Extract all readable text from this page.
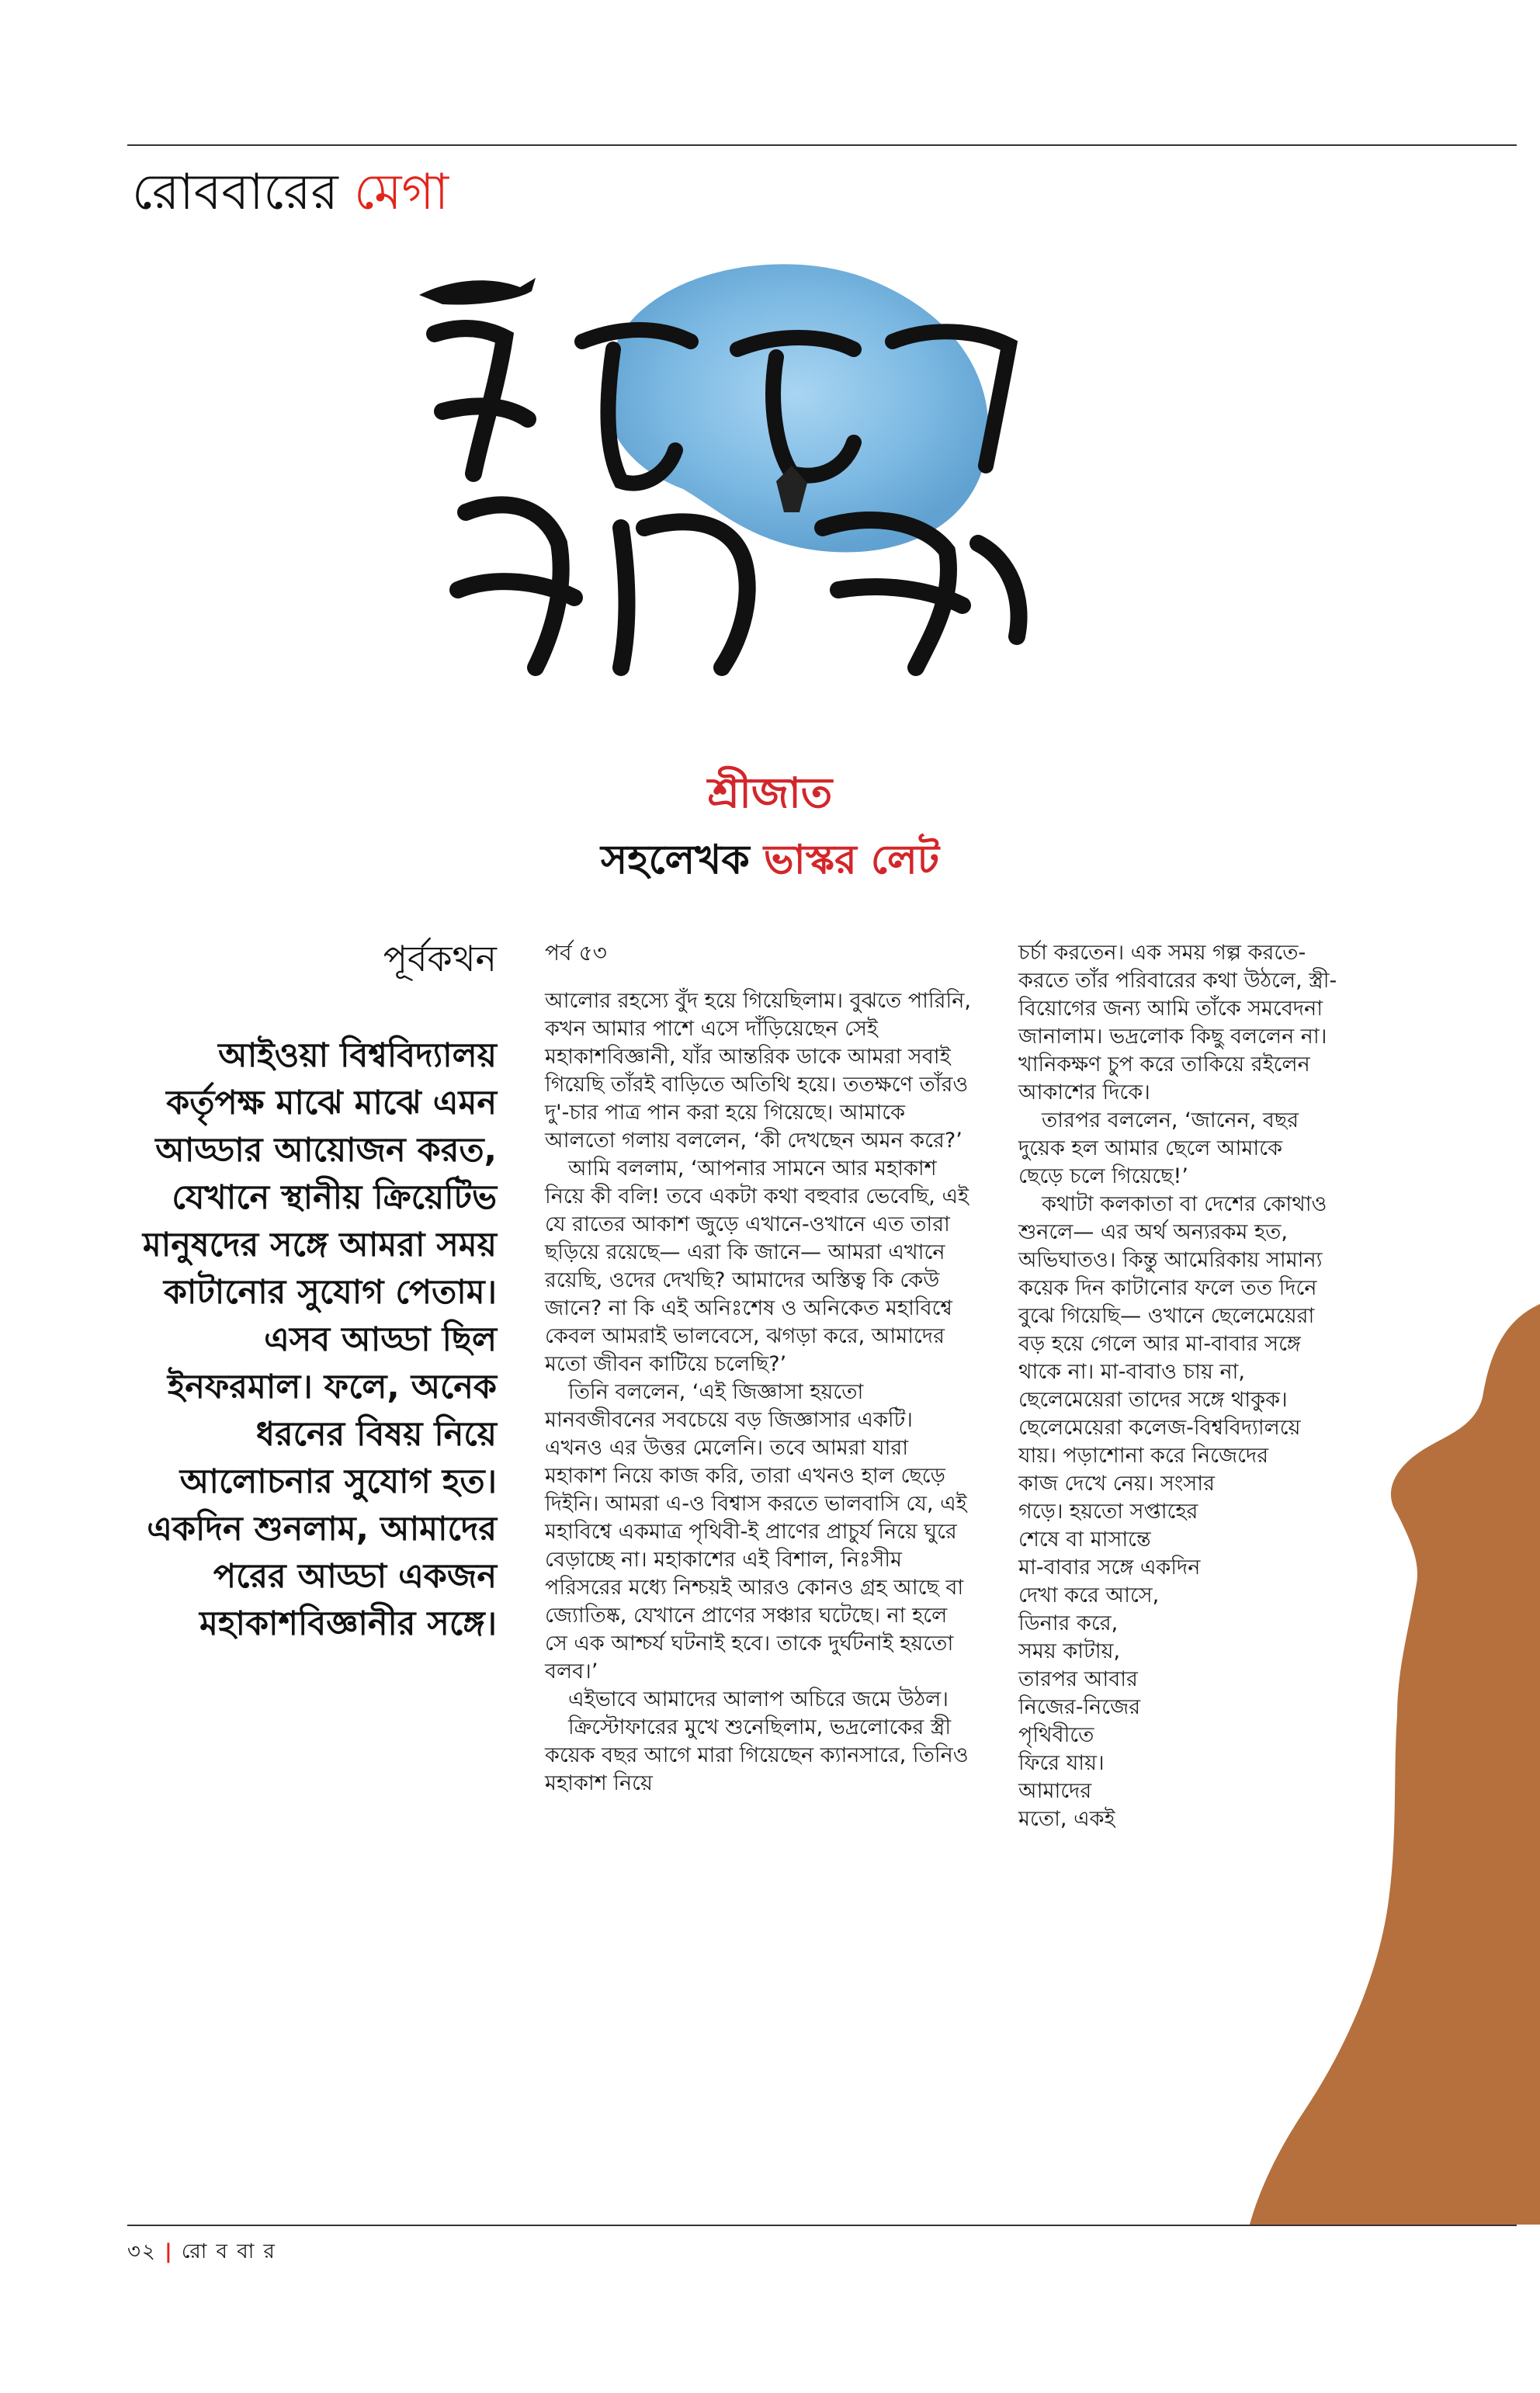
রোববারের মেগা
শ্রীজাত
সহলেখক ভাস্কর লেট
পূর্বকথন
আইওয়া বিশ্ববিদ্যালয় কর্তৃপক্ষ মাঝে মাঝে এমন আড্ডার আয়োজন করত, যেখানে স্থানীয় ক্রিয়েটিভ মানুষদের সঙ্গে আমরা সময় কাটানোর সুযোগ পেতাম। এসব আড্ডা ছিল ইনফরমাল। ফলে, অনেক ধরনের বিষয় নিয়ে আলোচনার সুযোগ হত। একদিন শুনলাম, আমাদের পরের আড্ডা একজন মহাকাশবিজ্ঞানীর সঙ্গে।
পর্ব ৫৩

আলোর রহস্যে বুঁদ হয়ে গিয়েছিলাম। বুঝতে পারিনি, কখন আমার পাশে এসে দাঁড়িয়েছেন সেই মহাকাশবিজ্ঞানী, যাঁর আন্তরিক ডাকে আমরা সবাই গিয়েছি তাঁরই বাড়িতে অতিথি হয়ে। ততক্ষণে তাঁরও দু'-চার পাত্র পান করা হয়ে গিয়েছে। আমাকে আলতো গলায় বললেন, ‘কী দেখছেন অমন করে?’

আমি বললাম, ‘আপনার সামনে আর মহাকাশ নিয়ে কী বলি! তবে একটা কথা বহুবার ভেবেছি, এই যে রাতের আকাশ জুড়ে এখানে-ওখানে এত তারা ছড়িয়ে রয়েছে— এরা কি জানে— আমরা এখানে রয়েছি, ওদের দেখছি? আমাদের অস্তিত্ব কি কেউ জানে? না কি এই অনিঃশেষ ও অনিকেত মহাবিশ্বে কেবল আমরাই ভালবেসে, ঝগড়া করে, আমাদের মতো জীবন কাটিয়ে চলেছি?’

তিনি বললেন, ‘এই জিজ্ঞাসা হয়তো মানবজীবনের সবচেয়ে বড় জিজ্ঞাসার একটি। এখনও এর উত্তর মেলেনি। তবে আমরা যারা মহাকাশ নিয়ে কাজ করি, তারা এখনও হাল ছেড়ে দিইনি। আমরা এ-ও বিশ্বাস করতে ভালবাসি যে, এই মহাবিশ্বে একমাত্র পৃথিবী-ই প্রাণের প্রাচুর্য নিয়ে ঘুরে বেড়াচ্ছে না। মহাকাশের এই বিশাল, নিঃসীম পরিসরের মধ্যে নিশ্চয়ই আরও কোনও গ্রহ আছে বা জ্যোতিষ্ক, যেখানে প্রাণের সঞ্চার ঘটেছে। না হলে সে এক আশ্চর্য ঘটনাই হবে। তাকে দুর্ঘটনাই হয়তো বলব।’

এইভাবে আমাদের আলাপ অচিরে জমে উঠল।

ক্রিস্টোফারের মুখে শুনেছিলাম, ভদ্রলোকের স্ত্রী কয়েক বছর আগে মারা গিয়েছেন ক্যানসারে, তিনিও মহাকাশ নিয়ে

চর্চা করতেন। এক সময় গল্প করতে-
করতে তাঁর পরিবারের কথা উঠলে, স্ত্রী-
বিয়োগের জন্য আমি তাঁকে সমবেদনা
জানালাম। ভদ্রলোক কিছু বললেন না।
খানিকক্ষণ চুপ করে তাকিয়ে রইলেন
আকাশের দিকে।
তারপর বললেন, ‘জানেন, বছর
দুয়েক হল আমার ছেলে আমাকে
ছেড়ে চলে গিয়েছে!’
কথাটা কলকাতা বা দেশের কোথাও
শুনলে— এর অর্থ অন্যরকম হত,
অভিঘাতও। কিন্তু আমেরিকায় সামান্য
কয়েক দিন কাটানোর ফলে তত দিনে
বুঝে গিয়েছি— ওখানে ছেলেমেয়েরা
বড় হয়ে গেলে আর মা-বাবার সঙ্গে
থাকে না। মা-বাবাও চায় না,
ছেলেমেয়েরা তাদের সঙ্গে থাকুক।
ছেলেমেয়েরা কলেজ-বিশ্ববিদ্যালয়ে
যায়। পড়াশোনা করে নিজেদের
কাজ দেখে নেয়। সংসার
গড়ে। হয়তো সপ্তাহের
শেষে বা মাসান্তে
মা-বাবার সঙ্গে একদিন
দেখা করে আসে,
ডিনার করে,
সময় কাটায়,
তারপর আবার
নিজের-নিজের
পৃথিবীতে
ফিরে যায়।
আমাদের
মতো, একই
৩২ | রো ব বা র
